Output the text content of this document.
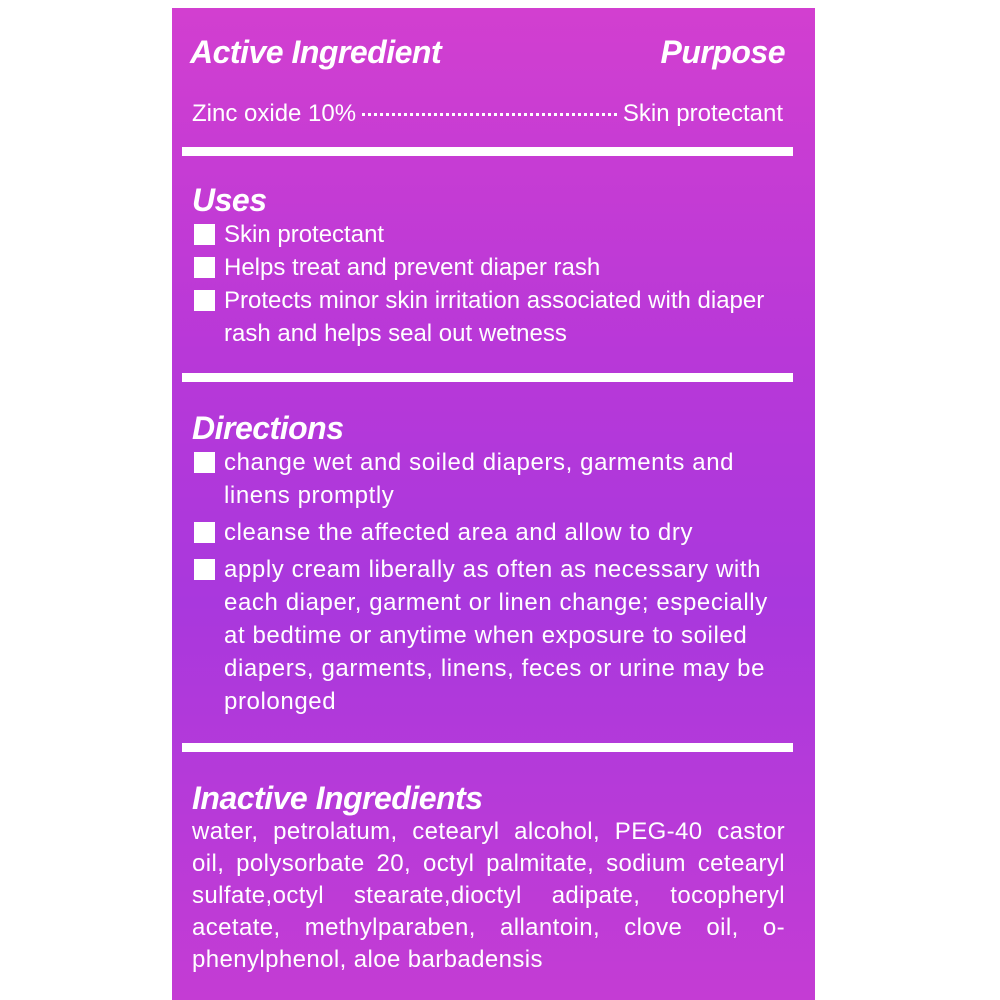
Active Ingredient	Purpose
Zinc oxide 10%	Skin protectant
Uses
Skin protectant
Helps treat and prevent diaper rash
Protects minor skin irritation associated with diaper rash and helps seal out wetness
Directions
change wet and soiled diapers, garments and linens promptly
cleanse the affected area and allow to dry
apply cream liberally as often as necessary with each diaper, garment or linen change; especially at bedtime or anytime when exposure to soiled diapers, garments, linens, feces or urine may be prolonged
Inactive Ingredients
water, petrolatum, cetearyl alcohol, PEG-40 castor oil, polysorbate 20, octyl palmitate, sodium cetearyl sulfate,octyl stearate,dioctyl adipate, tocopheryl acetate, methylparaben, allantoin, clove oil, o-phenylphenol, aloe barbadensis
